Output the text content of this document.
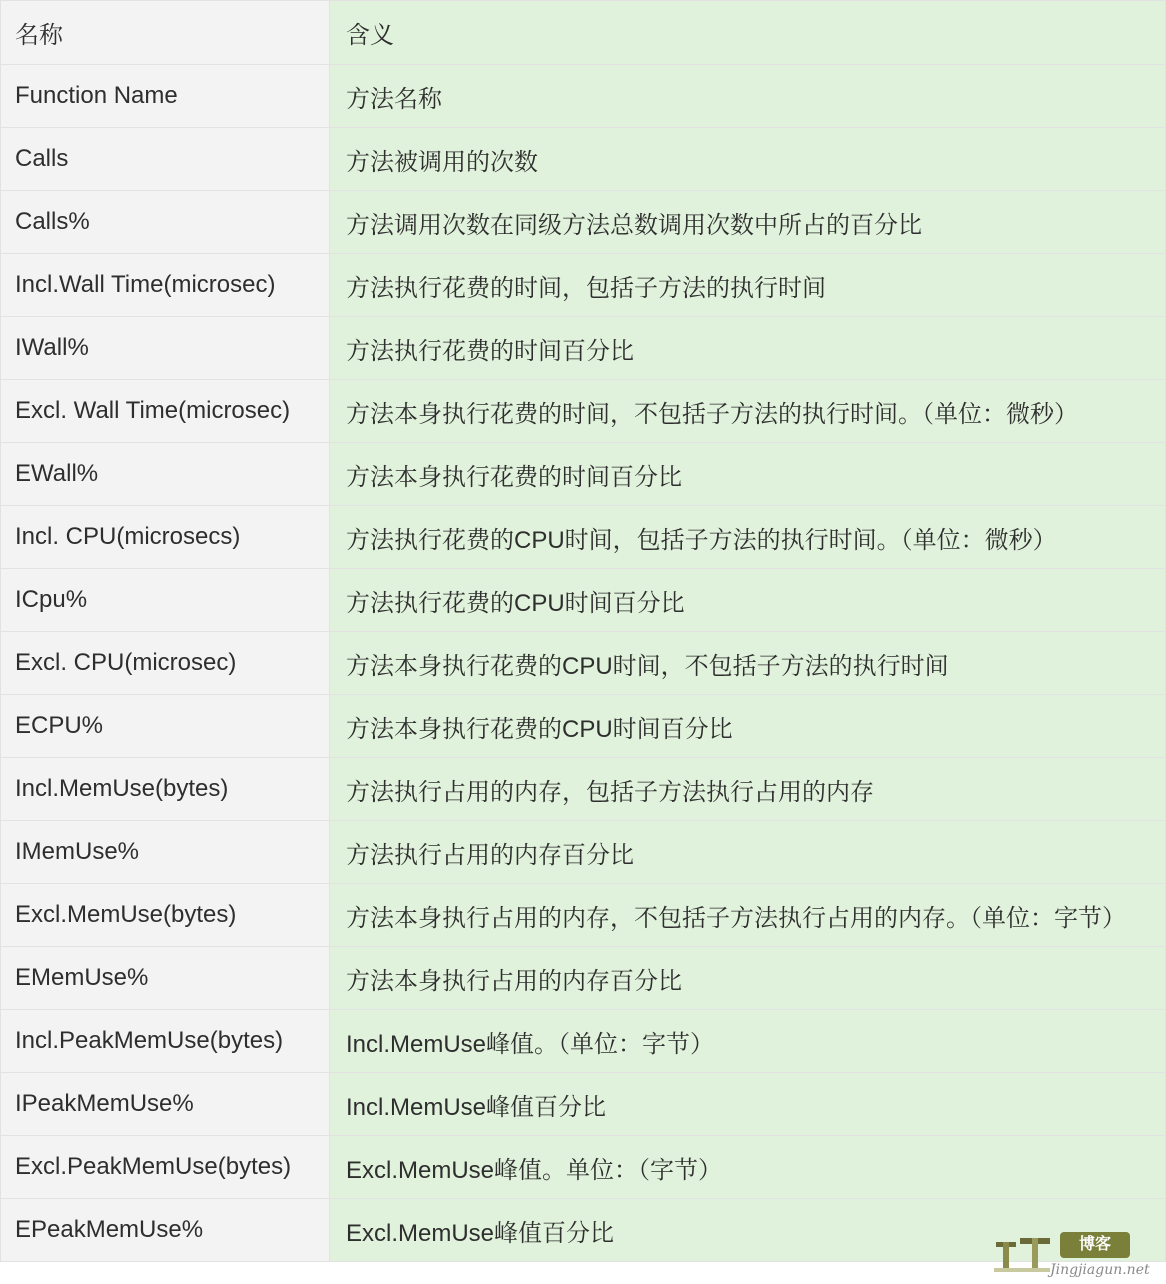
名称	含义
Function Name	方法名称
Calls	方法被调用的次数
Calls%	方法调用次数在同级方法总数调用次数中所占的百分比
Incl.Wall Time(microsec)	方法执行花费的时间，包括子方法的执行时间
IWall%	方法执行花费的时间百分比
Excl. Wall Time(microsec)	方法本身执行花费的时间，不包括子方法的执行时间。（单位：微秒）
EWall%	方法本身执行花费的时间百分比
Incl. CPU(microsecs)	方法执行花费的CPU时间，包括子方法的执行时间。（单位：微秒）
ICpu%	方法执行花费的CPU时间百分比
Excl. CPU(microsec)	方法本身执行花费的CPU时间，不包括子方法的执行时间
ECPU%	方法本身执行花费的CPU时间百分比
Incl.MemUse(bytes)	方法执行占用的内存，包括子方法执行占用的内存
IMemUse%	方法执行占用的内存百分比
Excl.MemUse(bytes)	方法本身执行占用的内存，不包括子方法执行占用的内存。（单位：字节）
EMemUse%	方法本身执行占用的内存百分比
Incl.PeakMemUse(bytes)	Incl.MemUse峰值。（单位：字节）
IPeakMemUse%	Incl.MemUse峰值百分比
Excl.PeakMemUse(bytes)	Excl.MemUse峰值。单位：（字节）
EPeakMemUse%	Excl.MemUse峰值百分比	博客
Jingjiagun.net
